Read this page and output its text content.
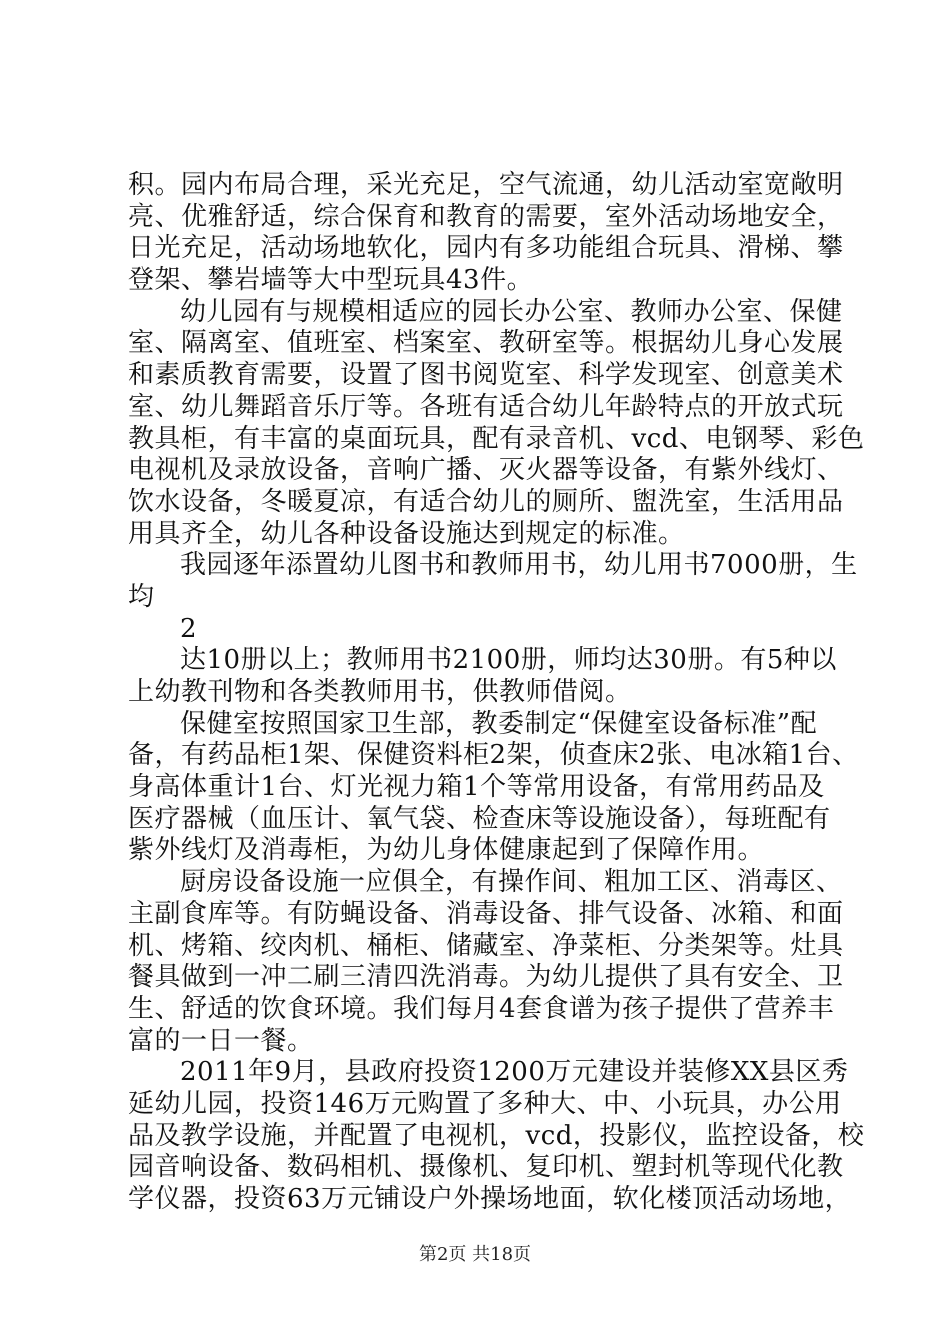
积。园内布局合理，采光充足，空气流通，幼儿活动室宽敞明
亮、优雅舒适，综合保育和教育的需要，室外活动场地安全，
日光充足，活动场地软化，园内有多功能组合玩具、滑梯、攀
登架、攀岩墙等大中型玩具43件。
幼儿园有与规模相适应的园长办公室、教师办公室、保健
室、隔离室、值班室、档案室、教研室等。根据幼儿身心发展
和素质教育需要，设置了图书阅览室、科学发现室、创意美术
室、幼儿舞蹈音乐厅等。各班有适合幼儿年龄特点的开放式玩
教具柜，有丰富的桌面玩具，配有录音机、vcd、电钢琴、彩色
电视机及录放设备，音响广播、灭火器等设备，有紫外线灯、
饮水设备，冬暖夏凉，有适合幼儿的厕所、盥洗室，生活用品
用具齐全，幼儿各种设备设施达到规定的标准。
我园逐年添置幼儿图书和教师用书，幼儿用书7000册，生
均
2
达10册以上；教师用书2100册，师均达30册。有5种以
上幼教刊物和各类教师用书，供教师借阅。
保健室按照国家卫生部，教委制定“保健室设备标准”配
备，有药品柜1架、保健资料柜2架，侦查床2张、电冰箱1台、
身高体重计1台、灯光视力箱1个等常用设备，有常用药品及
医疗器械（血压计、氧气袋、检查床等设施设备），每班配有
紫外线灯及消毒柜，为幼儿身体健康起到了保障作用。
厨房设备设施一应俱全，有操作间、粗加工区、消毒区、
主副食库等。有防蝇设备、消毒设备、排气设备、冰箱、和面
机、烤箱、绞肉机、桶柜、储藏室、净菜柜、分类架等。灶具
餐具做到一冲二刷三清四洗消毒。为幼儿提供了具有安全、卫
生、舒适的饮食环境。我们每月4套食谱为孩子提供了营养丰
富的一日一餐。
2011年9月，县政府投资1200万元建设并装修XX县区秀
延幼儿园，投资146万元购置了多种大、中、小玩具，办公用
品及教学设施，并配置了电视机，vcd，投影仪，监控设备，校
园音响设备、数码相机、摄像机、复印机、塑封机等现代化教
学仪器，投资63万元铺设户外操场地面，软化楼顶活动场地，
第2页 共18页
